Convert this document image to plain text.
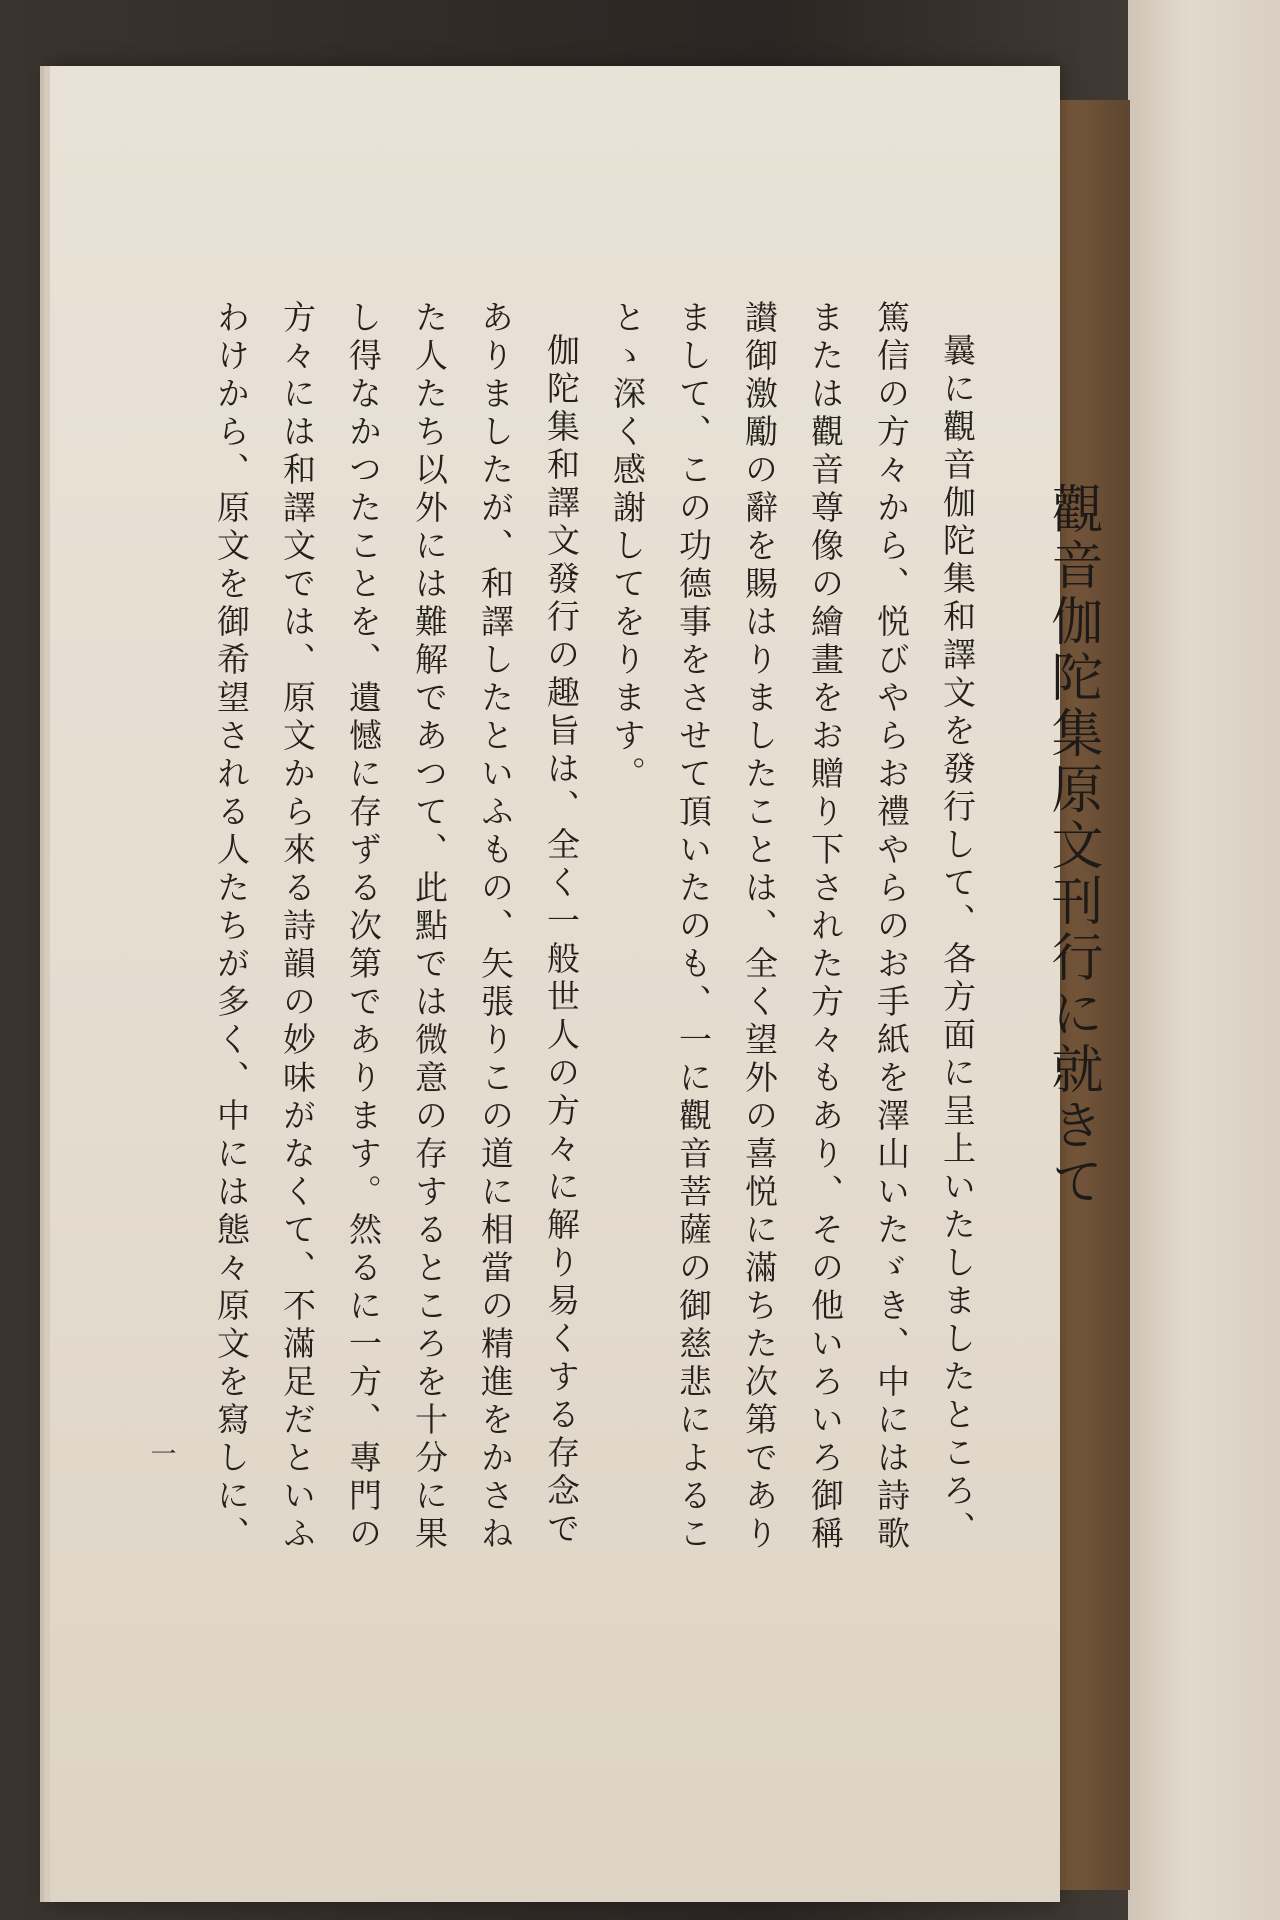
觀音伽陀集原文刊行に就きて

曩に觀音伽陀集和譯文を發行して、各方面に呈上いたしましたところ、篤信の方々から、悦びやらお禮やらのお手紙を澤山いたゞき、中には詩歌または觀音尊像の繪畫をお贈り下された方々もあり、その他いろいろ御稱讃御激勵の辭を賜はりましたことは、全く望外の喜悦に滿ちた次第でありまして、この功德事をさせて頂いたのも、一に觀音菩薩の御慈悲によることゝ深く感謝してをります。

伽陀集和譯文發行の趣旨は、全く一般世人の方々に解り易くする存念でありましたが、和譯したといふもの、矢張りこの道に相當の精進をかさねた人たち以外には難解であつて、此點では微意の存するところを十分に果し得なかつたことを、遺憾に存ずる次第であります。然るに一方、專門の方々には和譯文では、原文から來る詩韻の妙味がなくて、不滿足だといふわけから、原文を御希望される人たちが多く、中には態々原文を寫しに、

一
